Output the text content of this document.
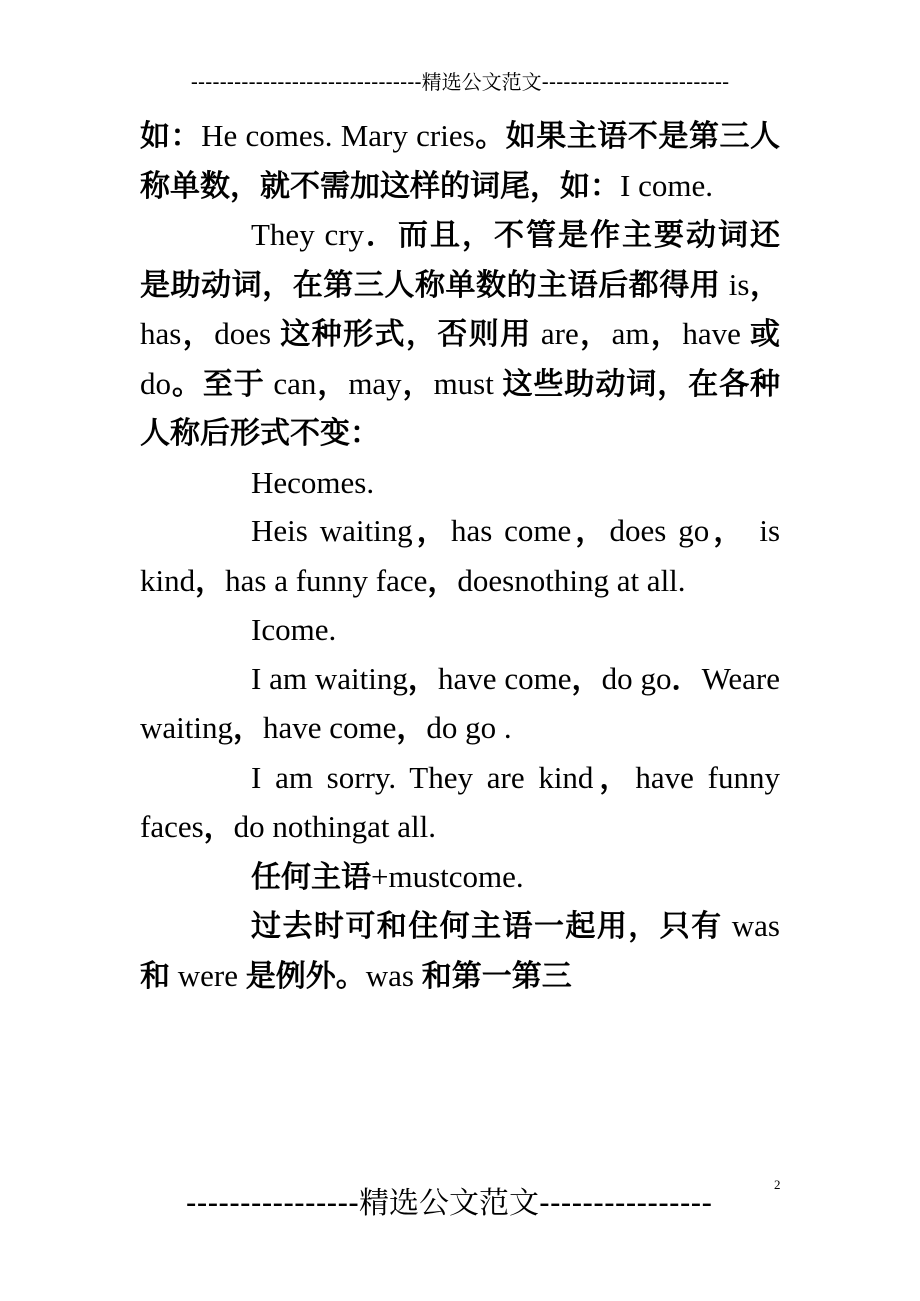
--------------------------------精选公文范文--------------------------

如：He comes. Mary cries。如果主语不是第三人称单数，就不需加这样的词尾，如：I come.

They cry．而且，不管是作主要动词还是助动词，在第三人称单数的主语后都得用 is，has，does 这种形式，否则用 are，am，have 或 do。至于 can，may，must 这些助动词，在各种人称后形式不变：

Hecomes.

Heis waiting，has come，does go， is kind，has a funny face，doesnothing at all.

Icome.

I am waiting，have come，do go．Weare waiting，have come，do go .

I am sorry. They are kind，have funny faces，do nothingat all.

任何主语+mustcome.

过去时可和住何主语一起用，只有 was 和 were 是例外。was 和第一第三

----------------精选公文范文----------------
2
